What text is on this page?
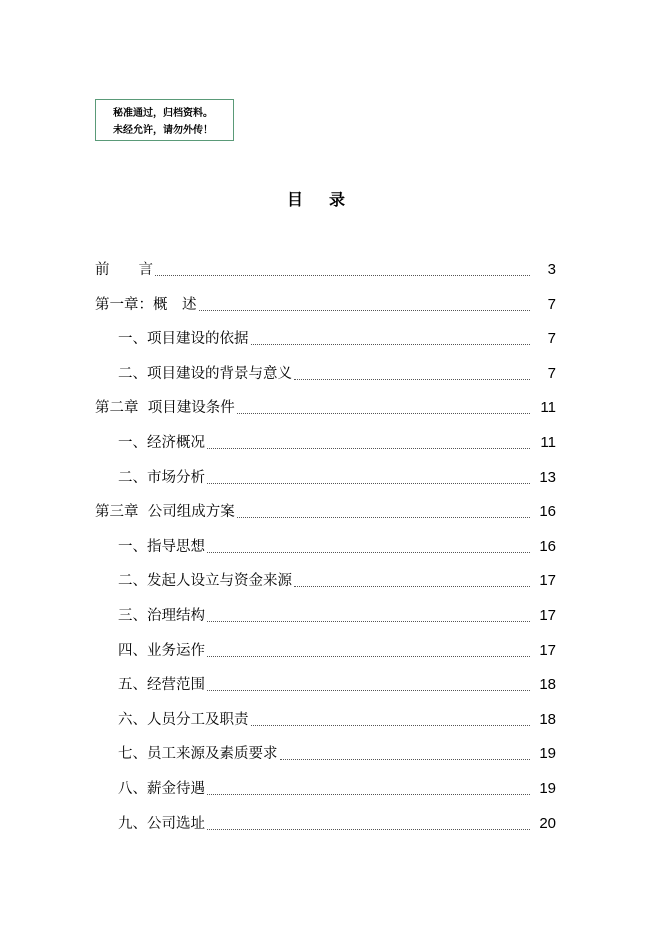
秘准通过，归档资料。
未经允许，请勿外传！
目录
前　　言	3
第一章：概　述	7
一、项目建设的依据	7
二、项目建设的背景与意义	7
第二章  项目建设条件	11
一、经济概况	11
二、市场分析	13
第三章  公司组成方案	16
一、指导思想	16
二、发起人设立与资金来源	17
三、治理结构	17
四、业务运作	17
五、经营范围	18
六、人员分工及职责	18
七、员工来源及素质要求	19
八、薪金待遇	19
九、公司选址	20
